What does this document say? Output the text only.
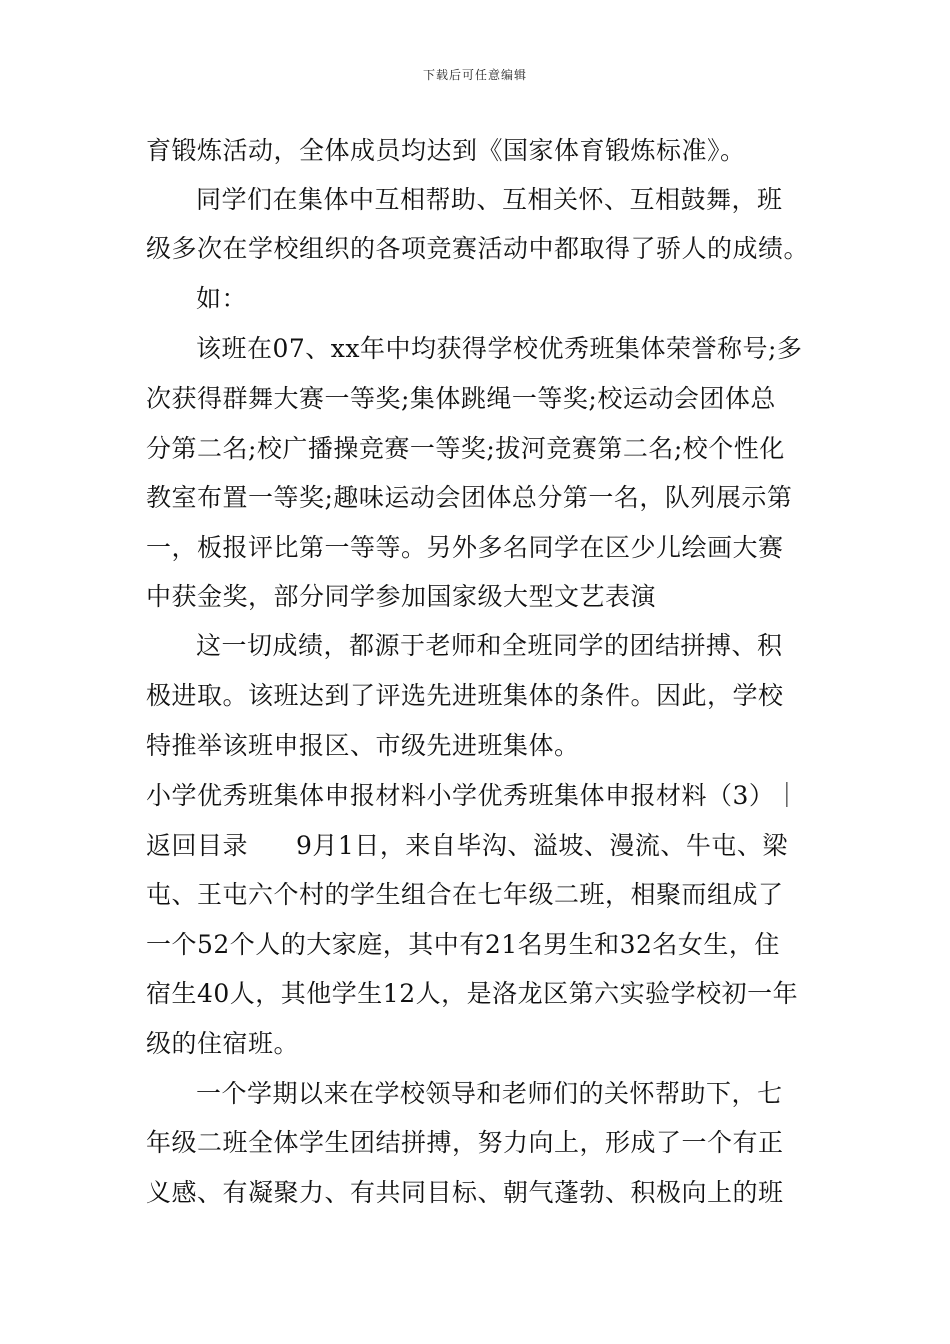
下载后可任意编辑
育锻炼活动，全体成员均达到《国家体育锻炼标准》。
同学们在集体中互相帮助、互相关怀、互相鼓舞，班
级多次在学校组织的各项竞赛活动中都取得了骄人的成绩。
如：
该班在07、xx年中均获得学校优秀班集体荣誉称号;多
次获得群舞大赛一等奖;集体跳绳一等奖;校运动会团体总
分第二名;校广播操竞赛一等奖;拔河竞赛第二名;校个性化
教室布置一等奖;趣味运动会团体总分第一名，队列展示第
一，板报评比第一等等。另外多名同学在区少儿绘画大赛
中获金奖，部分同学参加国家级大型文艺表演
这一切成绩，都源于老师和全班同学的团结拼搏、积
极进取。该班达到了评选先进班集体的条件。因此，学校
特推举该班申报区、市级先进班集体。
小学优秀班集体申报材料小学优秀班集体申报材料（3）｜
返回目录 9月1日，来自毕沟、溢坡、漫流、牛屯、梁
屯、王屯六个村的学生组合在七年级二班，相聚而组成了
一个52个人的大家庭，其中有21名男生和32名女生，住
宿生40人，其他学生12人，是洛龙区第六实验学校初一年
级的住宿班。
一个学期以来在学校领导和老师们的关怀帮助下，七
年级二班全体学生团结拼搏，努力向上，形成了一个有正
义感、有凝聚力、有共同目标、朝气蓬勃、积极向上的班
